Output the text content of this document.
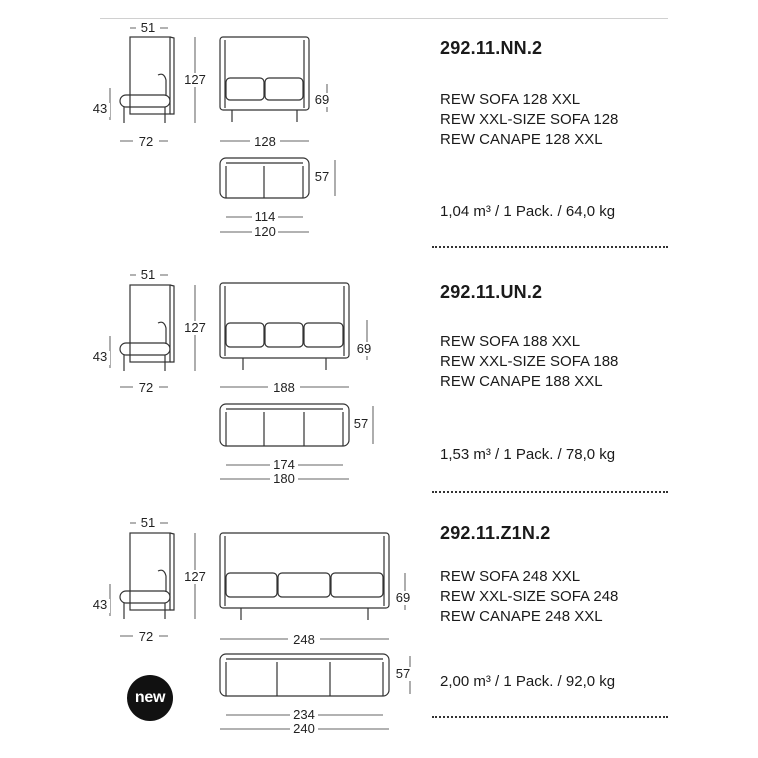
51
43
72
127
69
128
57
114
120
292.11.NN.2
REW SOFA 128 XXL
REW XXL-SIZE SOFA 128
REW CANAPE 128 XXL
1,04 m³ / 1 Pack. / 64,0 kg
51
43
72
127
69
188
57
174
180
292.11.UN.2
REW SOFA 188 XXL
REW XXL-SIZE SOFA 188
REW CANAPE 188 XXL
1,53 m³ / 1 Pack. / 78,0 kg
51
43
72
127
69
248
57
234
240
292.11.Z1N.2
REW SOFA 248 XXL
REW XXL-SIZE SOFA 248
REW CANAPE 248 XXL
2,00 m³ / 1 Pack. / 92,0 kg
new
